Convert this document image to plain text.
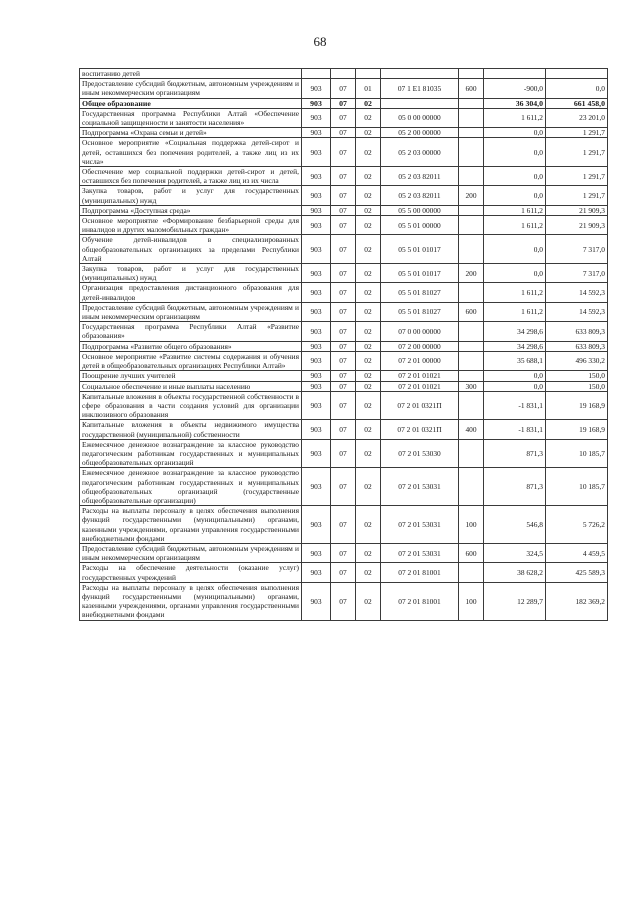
68
воспитанию детей							
Предоставление субсидий бюджетным, автономным учреждениям и иным некоммерческим организациям	903	07	01	07 1 E1 81035	600	-900,0	0,0
Общее образование	903	07	02			36 304,0	661 458,0
Государственная программа Республики Алтай «Обеспечение социальной защищенности и занятости населения»	903	07	02	05 0 00 00000		1 611,2	23 201,0
Подпрограмма «Охрана семьи и детей»	903	07	02	05 2 00 00000		0,0	1 291,7
Основное мероприятие «Социальная поддержка детей-сирот и детей, оставшихся без попечения родителей, а также лиц из их числа»	903	07	02	05 2 03 00000		0,0	1 291,7
Обеспечение мер социальной поддержки детей-сирот и детей, оставшихся без попечения родителей, а также лиц из их числа	903	07	02	05 2 03 82011		0,0	1 291,7
Закупка товаров, работ и услуг для государственных (муниципальных) нужд	903	07	02	05 2 03 82011	200	0,0	1 291,7
Подпрограмма «Доступная среда»	903	07	02	05 5 00 00000		1 611,2	21 909,3
Основное мероприятие «Формирование безбарьерной среды для инвалидов и других маломобильных граждан»	903	07	02	05 5 01 00000		1 611,2	21 909,3
Обучение детей-инвалидов в специализированных общеобразовательных организациях за пределами Республики Алтай	903	07	02	05 5 01 01017		0,0	7 317,0
Закупка товаров, работ и услуг для государственных (муниципальных) нужд	903	07	02	05 5 01 01017	200	0,0	7 317,0
Организация предоставления дистанционного образования для детей-инвалидов	903	07	02	05 5 01 81027		1 611,2	14 592,3
Предоставление субсидий бюджетным, автономным учреждениям и иным некоммерческим организациям	903	07	02	05 5 01 81027	600	1 611,2	14 592,3
Государственная программа Республики Алтай «Развитие образования»	903	07	02	07 0 00 00000		34 298,6	633 809,3
Подпрограмма «Развитие общего образования»	903	07	02	07 2 00 00000		34 298,6	633 809,3
Основное мероприятие «Развитие системы содержания и обучения детей в общеобразовательных организациях Республики Алтай»	903	07	02	07 2 01 00000		35 688,1	496 330,2
Поощрение лучших учителей	903	07	02	07 2 01 01021		0,0	150,0
Социальное обеспечение и иные выплаты населению	903	07	02	07 2 01 01021	300	0,0	150,0
Капитальные вложения в объекты государственной собственности в сфере образования в части создания условий для организации инклюзивного образования	903	07	02	07 2 01 0321П		-1 831,1	19 168,9
Капитальные вложения в объекты недвижимого имущества государственной (муниципальной) собственности	903	07	02	07 2 01 0321П	400	-1 831,1	19 168,9
Ежемесячное денежное вознаграждение за классное руководство педагогическим работникам государственных и муниципальных общеобразовательных организаций	903	07	02	07 2 01 53030		871,3	10 185,7
Ежемесячное денежное вознаграждение за классное руководство педагогическим работникам государственных и муниципальных общеобразовательных организаций (государственные общеобразовательные организации)	903	07	02	07 2 01 53031		871,3	10 185,7
Расходы на выплаты персоналу в целях обеспечения выполнения функций государственными (муниципальными) органами, казенными учреждениями, органами управления государственными внебюджетными фондами	903	07	02	07 2 01 53031	100	546,8	5 726,2
Предоставление субсидий бюджетным, автономным учреждениям и иным некоммерческим организациям	903	07	02	07 2 01 53031	600	324,5	4 459,5
Расходы на обеспечение деятельности (оказание услуг) государственных учреждений	903	07	02	07 2 01 81001		38 628,2	425 589,3
Расходы на выплаты персоналу в целях обеспечения выполнения функций государственными (муниципальными) органами, казенными учреждениями, органами управления государственными внебюджетными фондами	903	07	02	07 2 01 81001	100	12 289,7	182 369,2
